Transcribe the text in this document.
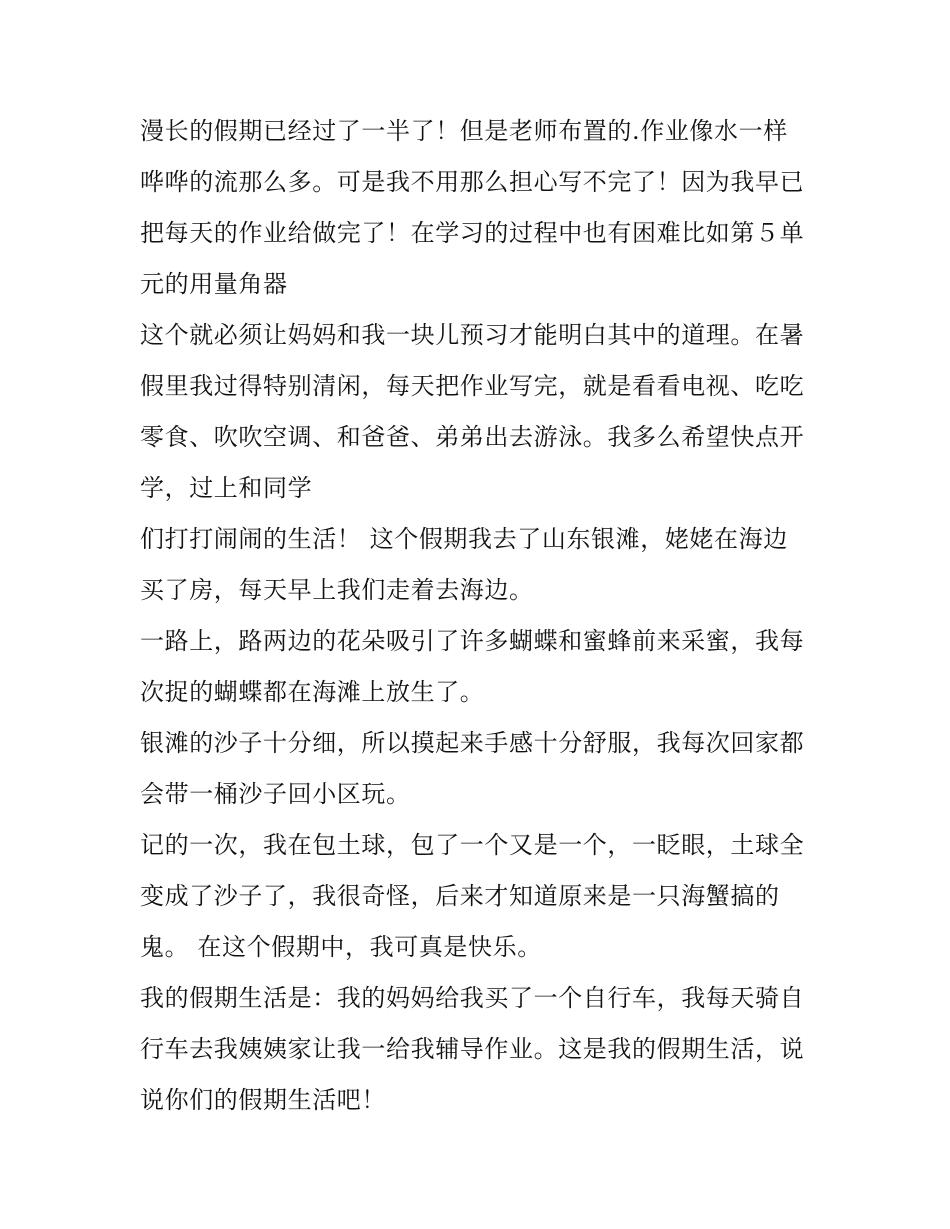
漫长的假期已经过了一半了！但是老师布置的.作业像水一样
哗哗的流那么多。可是我不用那么担心写不完了！因为我早已
把每天的作业给做完了！在学习的过程中也有困难比如第５单
元的用量角器
这个就必须让妈妈和我一块儿预习才能明白其中的道理。在暑
假里我过得特别清闲，每天把作业写完，就是看看电视、吃吃
零食、吹吹空调、和爸爸、弟弟出去游泳。我多么希望快点开
学，过上和同学
们打打闹闹的生活！ 这个假期我去了山东银滩，姥姥在海边
买了房，每天早上我们走着去海边。
一路上，路两边的花朵吸引了许多蝴蝶和蜜蜂前来采蜜，我每
次捉的蝴蝶都在海滩上放生了。
银滩的沙子十分细，所以摸起来手感十分舒服，我每次回家都
会带一桶沙子回小区玩。
记的一次，我在包土球，包了一个又是一个，一眨眼，土球全
变成了沙子了，我很奇怪，后来才知道原来是一只海蟹搞的
鬼。 在这个假期中，我可真是快乐。
我的假期生活是：我的妈妈给我买了一个自行车，我每天骑自
行车去我姨姨家让我一给我辅导作业。这是我的假期生活，说
说你们的假期生活吧！
